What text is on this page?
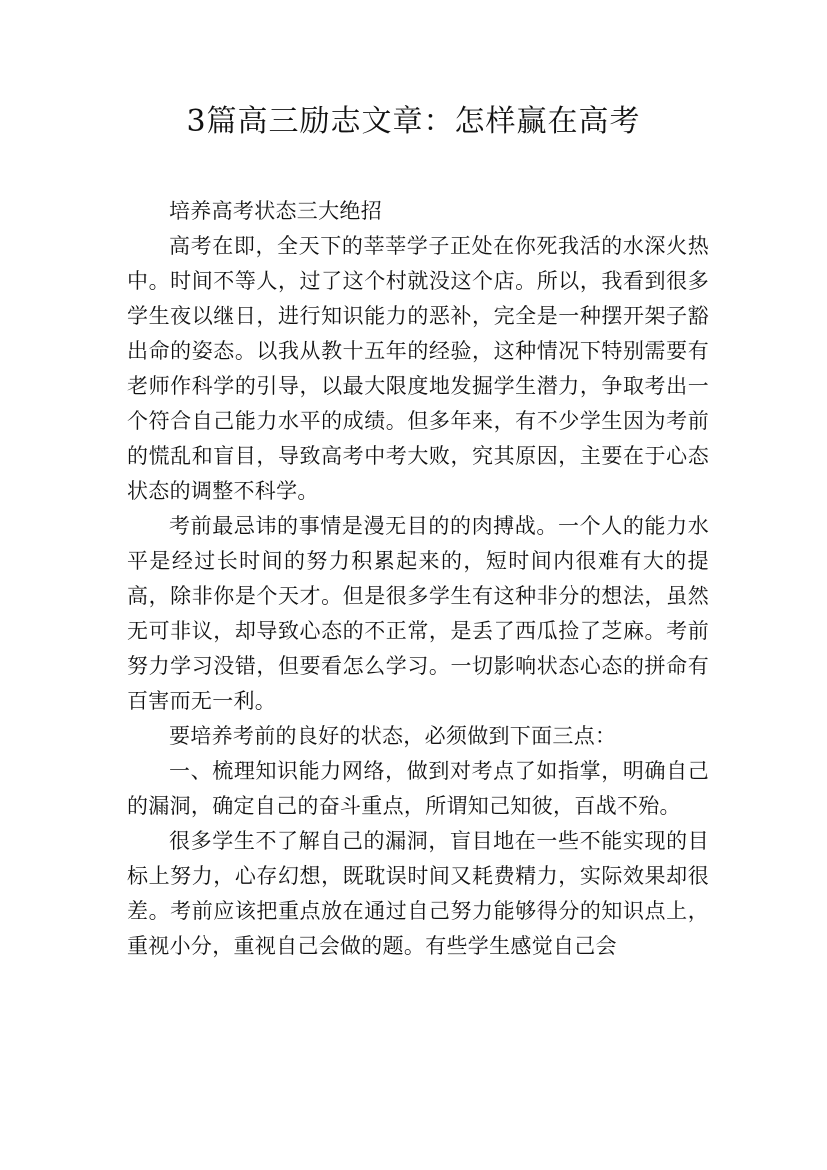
3篇高三励志文章：怎样赢在高考

培养高考状态三大绝招

高考在即，全天下的莘莘学子正处在你死我活的水深火热中。时间不等人，过了这个村就没这个店。所以，我看到很多学生夜以继日，进行知识能力的恶补，完全是一种摆开架子豁出命的姿态。以我从教十五年的经验，这种情况下特别需要有老师作科学的引导，以最大限度地发掘学生潜力，争取考出一个符合自己能力水平的成绩。但多年来，有不少学生因为考前的慌乱和盲目，导致高考中考大败，究其原因，主要在于心态状态的调整不科学。

考前最忌讳的事情是漫无目的的肉搏战。一个人的能力水平是经过长时间的努力积累起来的，短时间内很难有大的提高，除非你是个天才。但是很多学生有这种非分的想法，虽然无可非议，却导致心态的不正常，是丢了西瓜捡了芝麻。考前努力学习没错，但要看怎么学习。一切影响状态心态的拼命有百害而无一利。

要培养考前的良好的状态，必须做到下面三点：

一、梳理知识能力网络，做到对考点了如指掌，明确自己的漏洞，确定自己的奋斗重点，所谓知己知彼，百战不殆。

很多学生不了解自己的漏洞，盲目地在一些不能实现的目标上努力，心存幻想，既耽误时间又耗费精力，实际效果却很差。考前应该把重点放在通过自己努力能够得分的知识点上，重视小分，重视自己会做的题。有些学生感觉自己会
